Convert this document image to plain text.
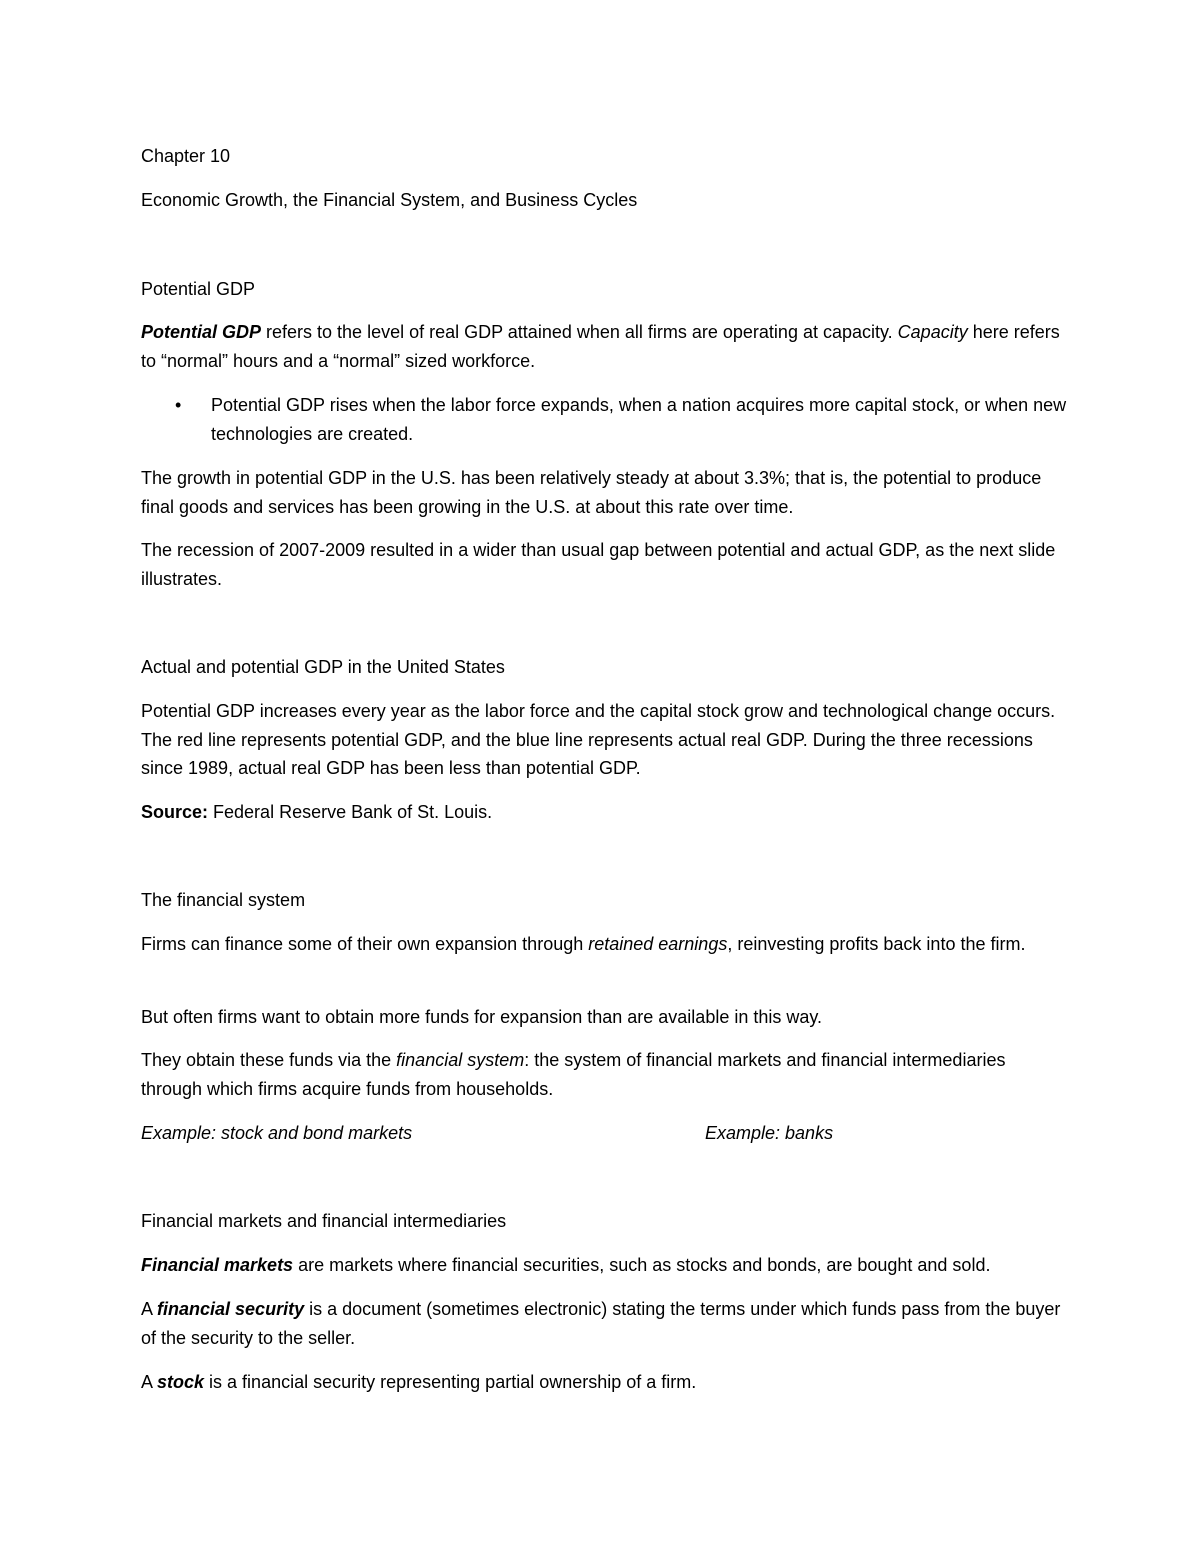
Chapter 10

Economic Growth, the Financial System, and Business Cycles

Potential GDP

Potential GDP refers to the level of real GDP attained when all firms are operating at capacity. Capacity here refers to “normal” hours and a “normal” sized workforce.

• Potential GDP rises when the labor force expands, when a nation acquires more capital stock, or when new technologies are created.

The growth in potential GDP in the U.S. has been relatively steady at about 3.3%; that is, the potential to produce final goods and services has been growing in the U.S. at about this rate over time.

The recession of 2007-2009 resulted in a wider than usual gap between potential and actual GDP, as the next slide illustrates.

Actual and potential GDP in the United States

Potential GDP increases every year as the labor force and the capital stock grow and technological change occurs. The red line represents potential GDP, and the blue line represents actual real GDP. During the three recessions since 1989, actual real GDP has been less than potential GDP.

Source: Federal Reserve Bank of St. Louis.

The financial system

Firms can finance some of their own expansion through retained earnings, reinvesting profits back into the firm.

But often firms want to obtain more funds for expansion than are available in this way.

They obtain these funds via the financial system: the system of financial markets and financial intermediaries through which firms acquire funds from households.

Example: stock and bond markets	Example: banks

Financial markets and financial intermediaries

Financial markets are markets where financial securities, such as stocks and bonds, are bought and sold.

A financial security is a document (sometimes electronic) stating the terms under which funds pass from the buyer of the security to the seller.

A stock is a financial security representing partial ownership of a firm.
